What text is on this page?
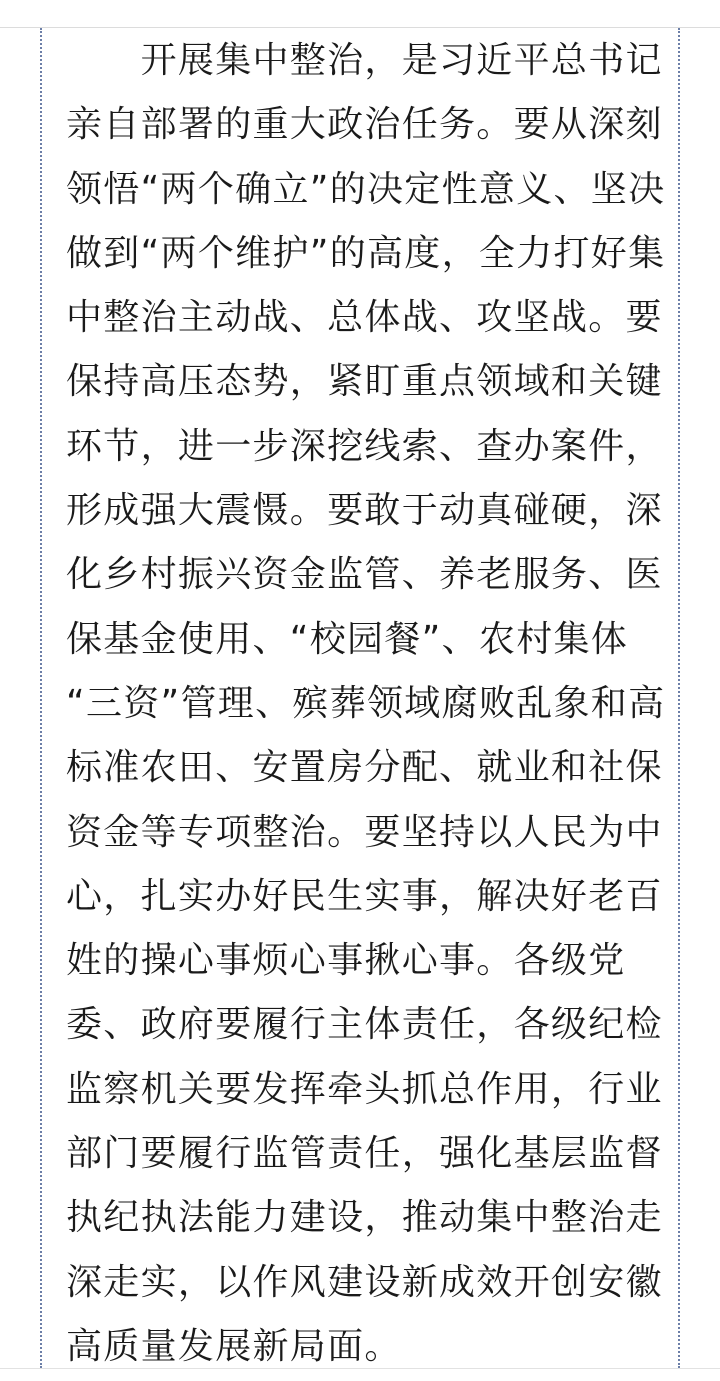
　　开展集中整治，是习近平总书记
亲自部署的重大政治任务。要从深刻
领悟“两个确立”的决定性意义、坚决
做到“两个维护”的高度，全力打好集
中整治主动战、总体战、攻坚战。要
保持高压态势，紧盯重点领域和关键
环节，进一步深挖线索、查办案件，
形成强大震慑。要敢于动真碰硬，深
化乡村振兴资金监管、养老服务、医
保基金使用、“校园餐”、农村集体
“三资”管理、殡葬领域腐败乱象和高
标准农田、安置房分配、就业和社保
资金等专项整治。要坚持以人民为中
心，扎实办好民生实事，解决好老百
姓的操心事烦心事揪心事。各级党
委、政府要履行主体责任，各级纪检
监察机关要发挥牵头抓总作用，行业
部门要履行监管责任，强化基层监督
执纪执法能力建设，推动集中整治走
深走实，以作风建设新成效开创安徽
高质量发展新局面。
